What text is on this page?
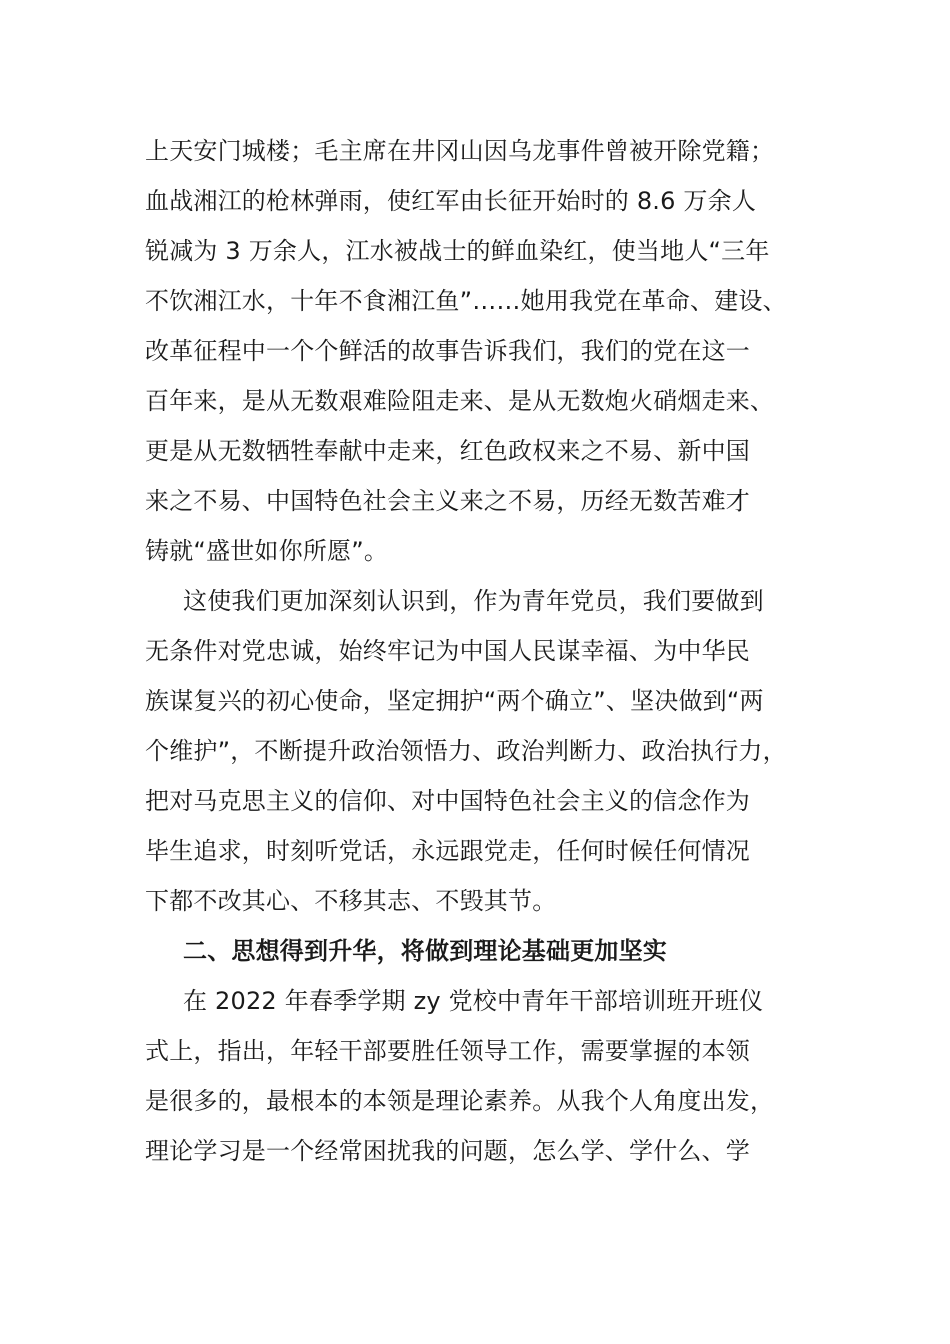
上天安门城楼；毛主席在井冈山因乌龙事件曾被开除党籍；
血战湘江的枪林弹雨，使红军由长征开始时的 8.6 万余人
锐减为 3 万余人，江水被战士的鲜血染红，使当地人“三年
不饮湘江水，十年不食湘江鱼”……她用我党在革命、建设、
改革征程中一个个鲜活的故事告诉我们，我们的党在这一
百年来，是从无数艰难险阻走来、是从无数炮火硝烟走来、
更是从无数牺牲奉献中走来，红色政权来之不易、新中国
来之不易、中国特色社会主义来之不易，历经无数苦难才
铸就“盛世如你所愿”。
这使我们更加深刻认识到，作为青年党员，我们要做到
无条件对党忠诚，始终牢记为中国人民谋幸福、为中华民
族谋复兴的初心使命，坚定拥护“两个确立”、坚决做到“两
个维护”，不断提升政治领悟力、政治判断力、政治执行力，
把对马克思主义的信仰、对中国特色社会主义的信念作为
毕生追求，时刻听党话，永远跟党走，任何时候任何情况
下都不改其心、不移其志、不毁其节。
二、思想得到升华，将做到理论基础更加坚实
在 2022 年春季学期 zy 党校中青年干部培训班开班仪
式上，指出，年轻干部要胜任领导工作，需要掌握的本领
是很多的，最根本的本领是理论素养。从我个人角度出发，
理论学习是一个经常困扰我的问题，怎么学、学什么、学
